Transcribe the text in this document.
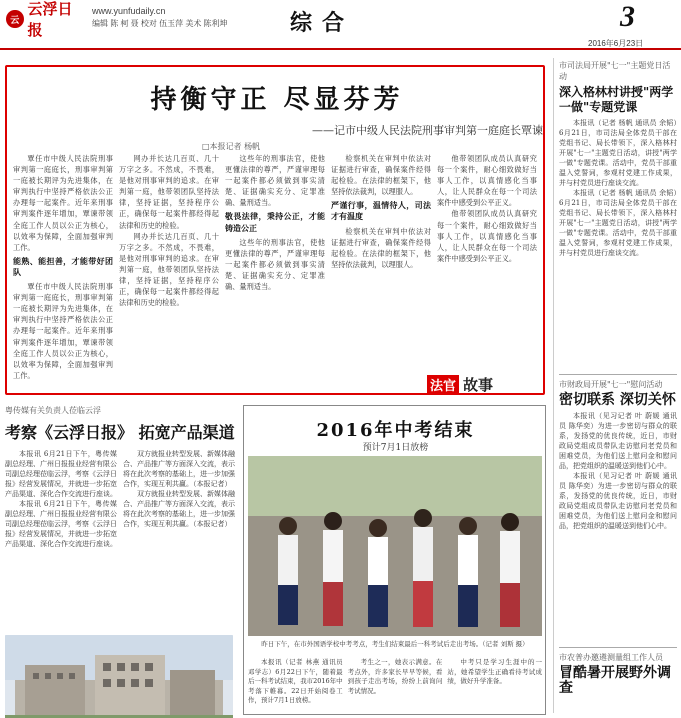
云
云浮日报
www.yunfudaily.cn
编辑 陈 柯 聂 校对 伍玉萍 美术 陈利坤	综合	3
2016年6月23日
持衡守正 尽显芬芳
——记市中级人民法院刑事审判第一庭庭长覃谏
□本报记者 杨帆

覃任市中级人民法院刑事审判第一庭庭长，刑事审判第一庭被长期评为先进集体，在审判执行中坚持严格依法公正办理每一起案件。近年来刑事审判案件逐年增加，覃谏带领全庭工作人员以公正为核心，以效率为保障，全面加强审判工作。

能熟、能担善，才能带好团队

覃任市中级人民法院刑事审判第一庭庭长，刑事审判第一庭被长期评为先进集体，在审判执行中坚持严格依法公正办理每一起案件。近年来刑事审判案件逐年增加，覃谏带领全庭工作人员以公正为核心，以效率为保障，全面加强审判工作。

网办并长达几百页、几十万字之多。不然成，不畏难，是他对刑事审判的追求。在审判第一庭，他带领团队坚持法律，坚持证据，坚持程序公正，确保每一起案件都经得起法律和历史的检验。

网办并长达几百页、几十万字之多。不然成，不畏难，是他对刑事审判的追求。在审判第一庭，他带领团队坚持法律，坚持证据，坚持程序公正，确保每一起案件都经得起法律和历史的检验。

这些年的刑事法官，使他更懂法律的尊严，严谨审理每一起案件都必须做到事实清楚、证据确实充分、定罪准确、量刑适当。

敬畏法律，秉持公正，才能铸造公正

这些年的刑事法官，使他更懂法律的尊严，严谨审理每一起案件都必须做到事实清楚、证据确实充分、定罪准确、量刑适当。

检察机关在审判中依法对证据进行审查，确保案件经得起检验。在法律的框架下，他坚持依法裁判，以理服人。

严谨行事，温情待人，司法才有温度

检察机关在审判中依法对证据进行审查，确保案件经得起检验。在法律的框架下，他坚持依法裁判，以理服人。

他带领团队成员认真研究每一个案件，耐心细致做好当事人工作，以真情感化当事人，让人民群众在每一个司法案件中感受到公平正义。

他带领团队成员认真研究每一个案件，耐心细致做好当事人工作，以真情感化当事人，让人民群众在每一个司法案件中感受到公平正义。

法官 故事
市司法局开展"七一"主题党日活动
深入格林村讲授"两学一做"专题党课

本报讯（记者 杨帆 通讯员 余韬）6月21日，市司法局全体党员干部在党组书记、局长带领下，深入格林村开展"七一"主题党日活动，讲授"两学一做"专题党课。活动中，党员干部重温入党誓词，参观村党建工作成果，并与村党员进行座谈交流。

本报讯（记者 杨帆 通讯员 余韬）6月21日，市司法局全体党员干部在党组书记、局长带领下，深入格林村开展"七一"主题党日活动，讲授"两学一做"专题党课。活动中，党员干部重温入党誓词，参观村党建工作成果，并与村党员进行座谈交流。

市财政局开展"七一"慰问活动
密切联系 深切关怀

本报讯（见习记者 叶 蔚媛 通讯员 陈华奕）为进一步密切与群众的联系，发扬党的优良传统，近日，市财政局党组成员带队走访慰问老党员和困难党员，为他们送上慰问金和慰问品，把党组织的温暖送到他们心中。

本报讯（见习记者 叶 蔚媛 通讯员 陈华奕）为进一步密切与群众的联系，发扬党的优良传统，近日，市财政局党组成员带队走访慰问老党员和困难党员，为他们送上慰问金和慰问品，把党组织的温暖送到他们心中。

市农普办邀遴测量组工作人员
冒酷暑开展野外调查
粤传媒有关负责人莅临云浮
考察《云浮日报》 拓宽产品渠道

本报讯 6月21日下午，粤传媒副总经理、广州日报报业经营有限公司副总经理莅临云浮，考察《云浮日报》经营发展情况，并就进一步拓宽产品渠道、深化合作交流进行座谈。

本报讯 6月21日下午，粤传媒副总经理、广州日报报业经营有限公司副总经理莅临云浮，考察《云浮日报》经营发展情况，并就进一步拓宽产品渠道、深化合作交流进行座谈。

双方就报业转型发展、新媒体融合、产品推广等方面深入交流，表示将在此次考察的基础上，进一步加强合作，实现互利共赢。（本报记者）

双方就报业转型发展、新媒体融合、产品推广等方面深入交流，表示将在此次考察的基础上，进一步加强合作，实现互利共赢。（本报记者）

2016年中考结束
预计7月1日放榜
昨日下午，在市外国语学校中考考点，考生们结束最后一科考试后走出考场。（记者 刘斯 摄）

本报讯（记者 林燕 通讯员 邓学志）6月22日下午，随着最后一科考试结束，我市2016年中考落下帷幕。22日开始阅卷工作，预计7月1日放榜。

考生之一，她表示满意。在考点外，许多家长早早等候，看到孩子走出考场，纷纷上前询问考试情况。

中考只是学习生涯中的一站，她希望学生正确看待考试成绩，做好升学准备。
